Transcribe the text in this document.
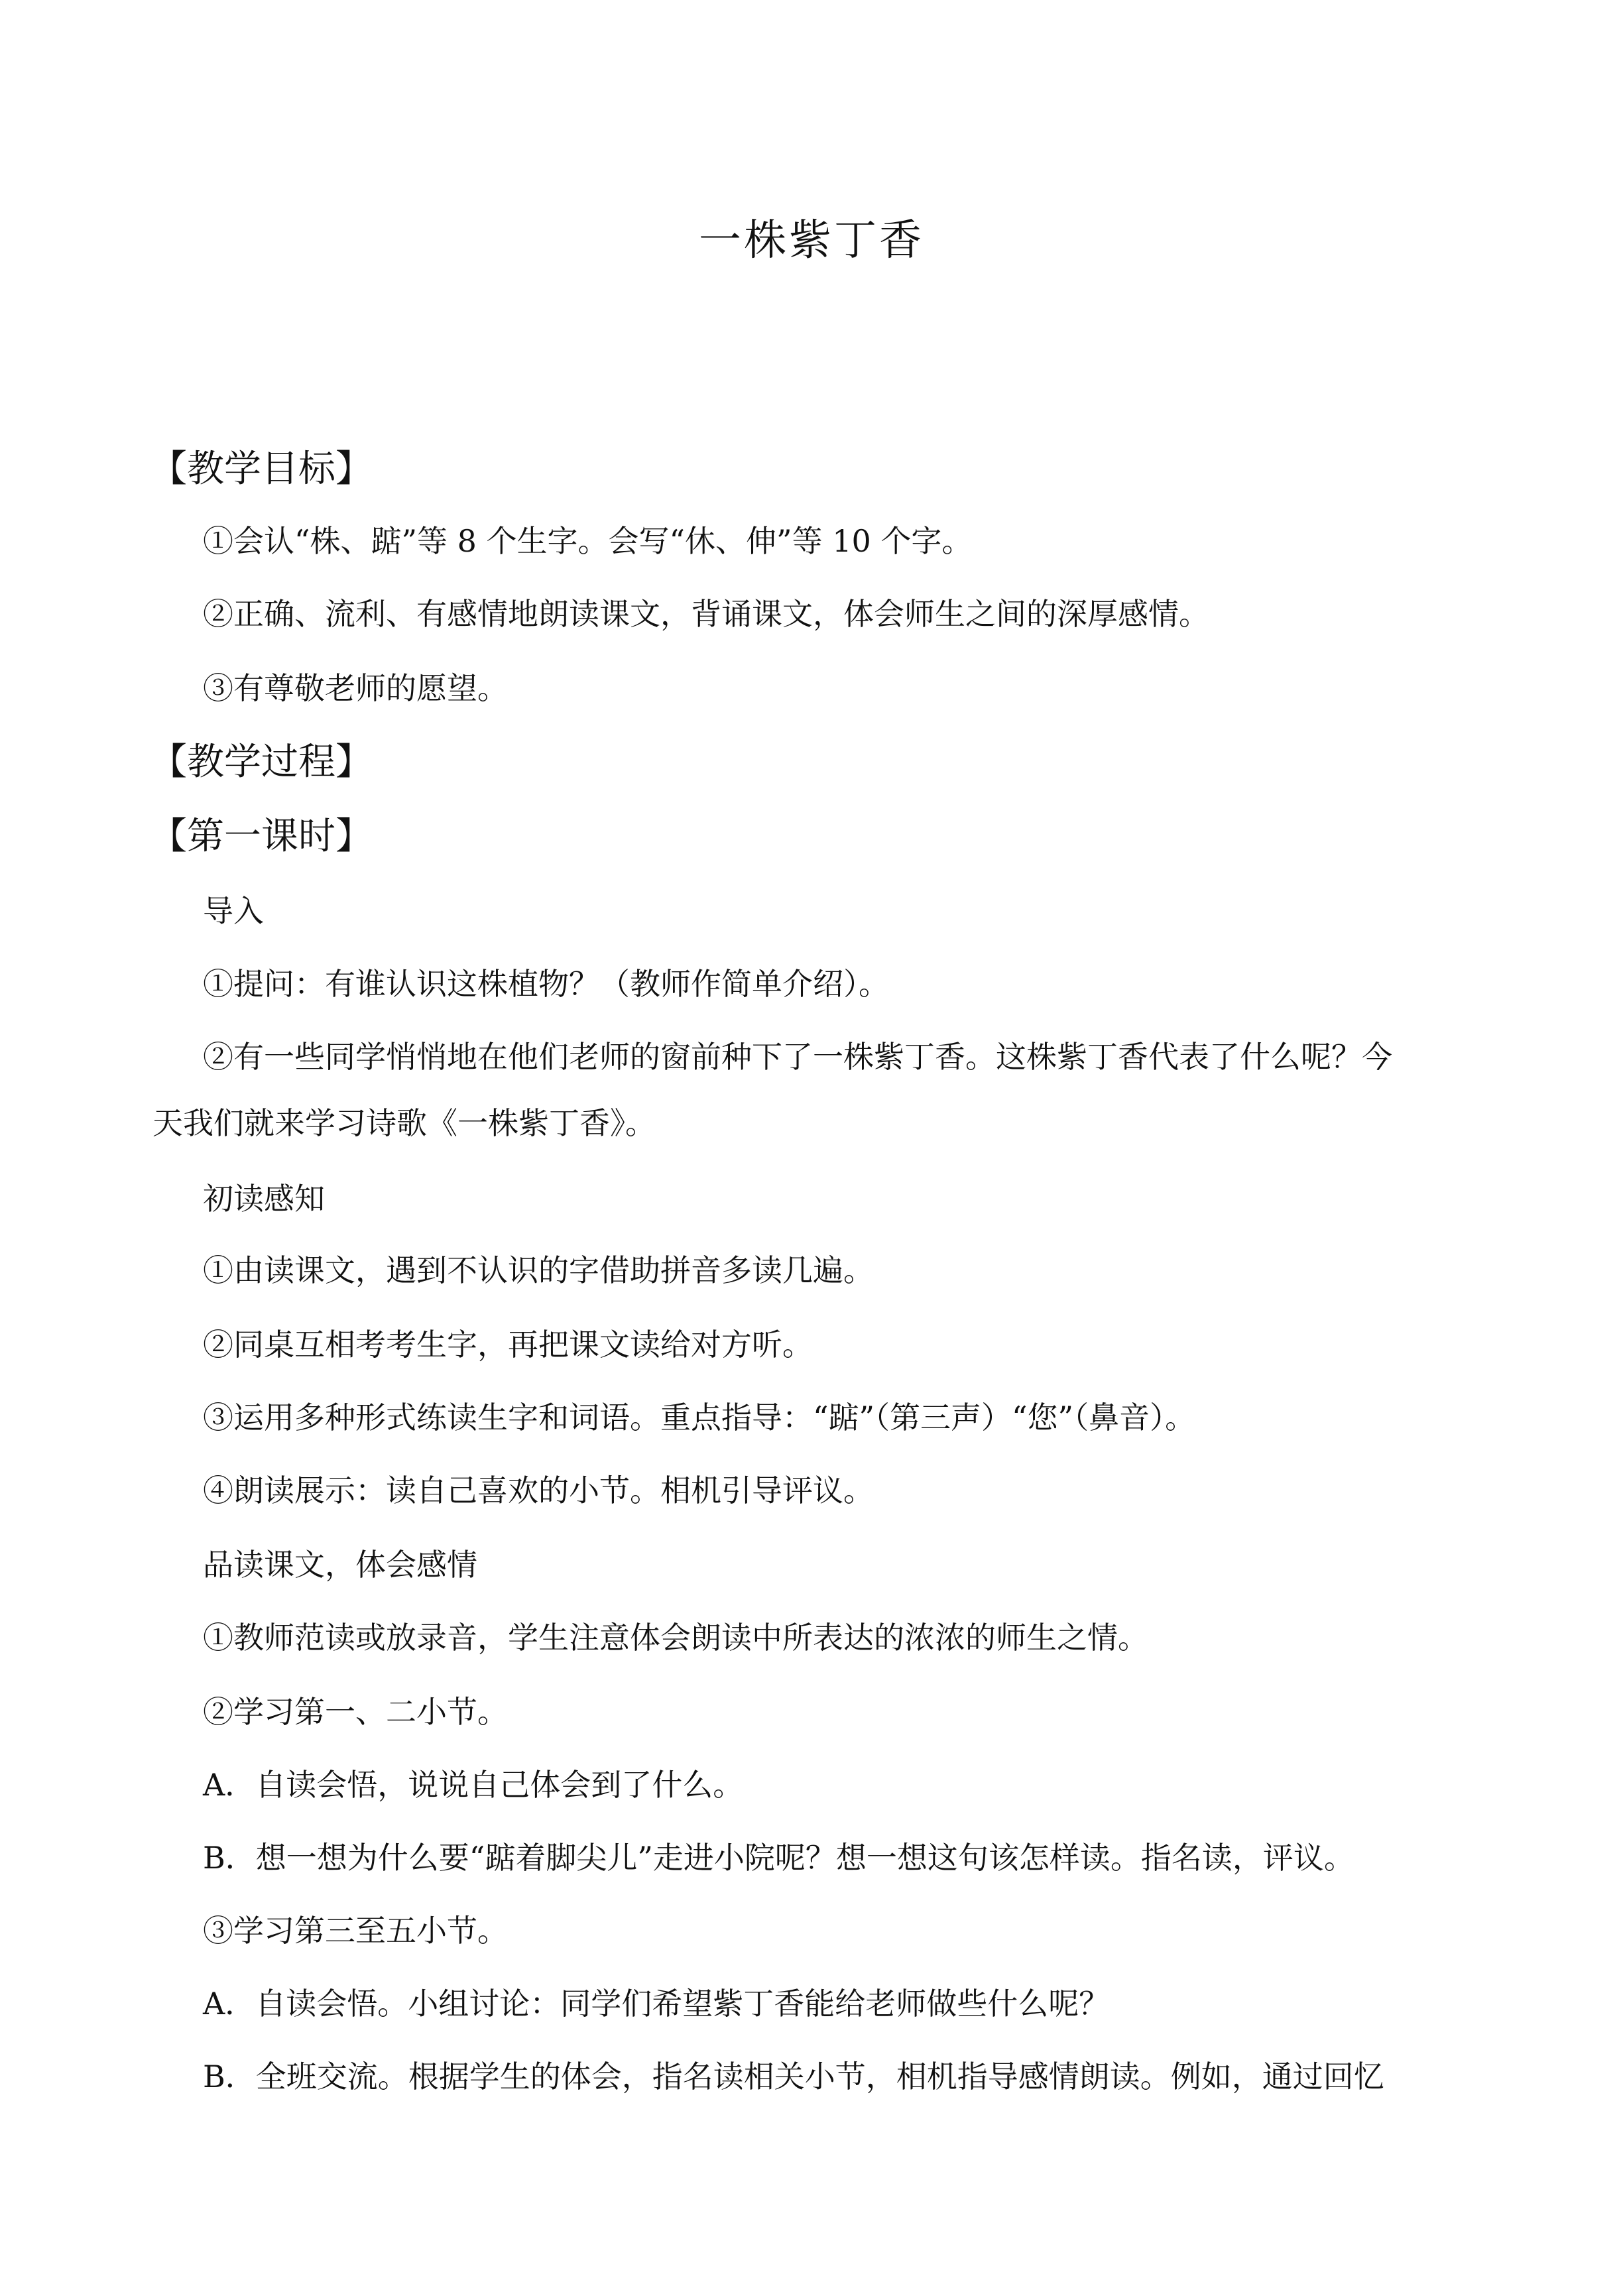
一株紫丁香
【教学目标】
①会认“株、踮”等 8 个生字。会写“休、伸”等 10 个字。
②正确、流利、有感情地朗读课文，背诵课文，体会师生之间的深厚感情。
③有尊敬老师的愿望。
【教学过程】
【第一课时】
导入
①提问：有谁认识这株植物？（教师作简单介绍）。
②有一些同学悄悄地在他们老师的窗前种下了一株紫丁香。这株紫丁香代表了什么呢？今
天我们就来学习诗歌《一株紫丁香》。
初读感知
①由读课文，遇到不认识的字借助拼音多读几遍。
②同桌互相考考生字，再把课文读给对方听。
③运用多种形式练读生字和词语。重点指导：“踮”（第三声）“您”（鼻音）。
④朗读展示：读自己喜欢的小节。相机引导评议。
品读课文，体会感情
①教师范读或放录音，学生注意体会朗读中所表达的浓浓的师生之情。
②学习第一、二小节。
A．自读会悟，说说自己体会到了什么。
B．想一想为什么要“踮着脚尖儿”走进小院呢？想一想这句该怎样读。指名读，评议。
③学习第三至五小节。
A．自读会悟。小组讨论：同学们希望紫丁香能给老师做些什么呢？
B．全班交流。根据学生的体会，指名读相关小节，相机指导感情朗读。例如，通过回忆
